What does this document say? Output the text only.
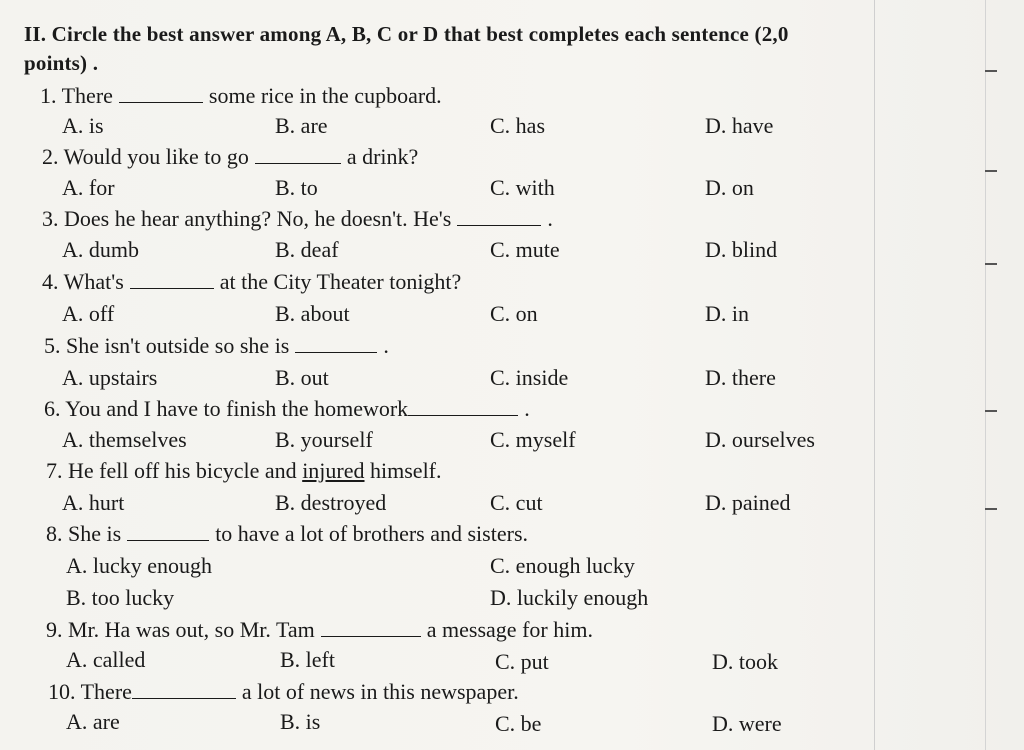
II. Circle the best answer among A, B, C or D that best completes each sentence (2,0 points) .
1. There	some rice in the cupboard.
A. is	B. are	C. has	D. have
2. Would you like to go	a drink?
A. for	B. to	C. with	D. on
3. Does he hear anything? No, he doesn't. He's	.
A. dumb	B. deaf	C. mute	D. blind
4. What's	at the City Theater tonight?
A. off	B. about	C. on	D. in
5. She isn't outside so she is	.
A. upstairs	B. out	C. inside	D. there
6. You and I have to finish the homework	.
A. themselves	B. yourself	C. myself	D. ourselves
7. He fell off his bicycle and injured himself.
A. hurt	B. destroyed	C. cut	D. pained
8. She is	to have a lot of brothers and sisters.
A. lucky enough	C. enough lucky
B. too lucky	D. luckily enough
9. Mr. Ha was out, so Mr. Tam	a message for him.
A. called	B. left	C. put	D. took
10. There	a lot of news in this newspaper.
A. are	B. is	C. be	D. were
